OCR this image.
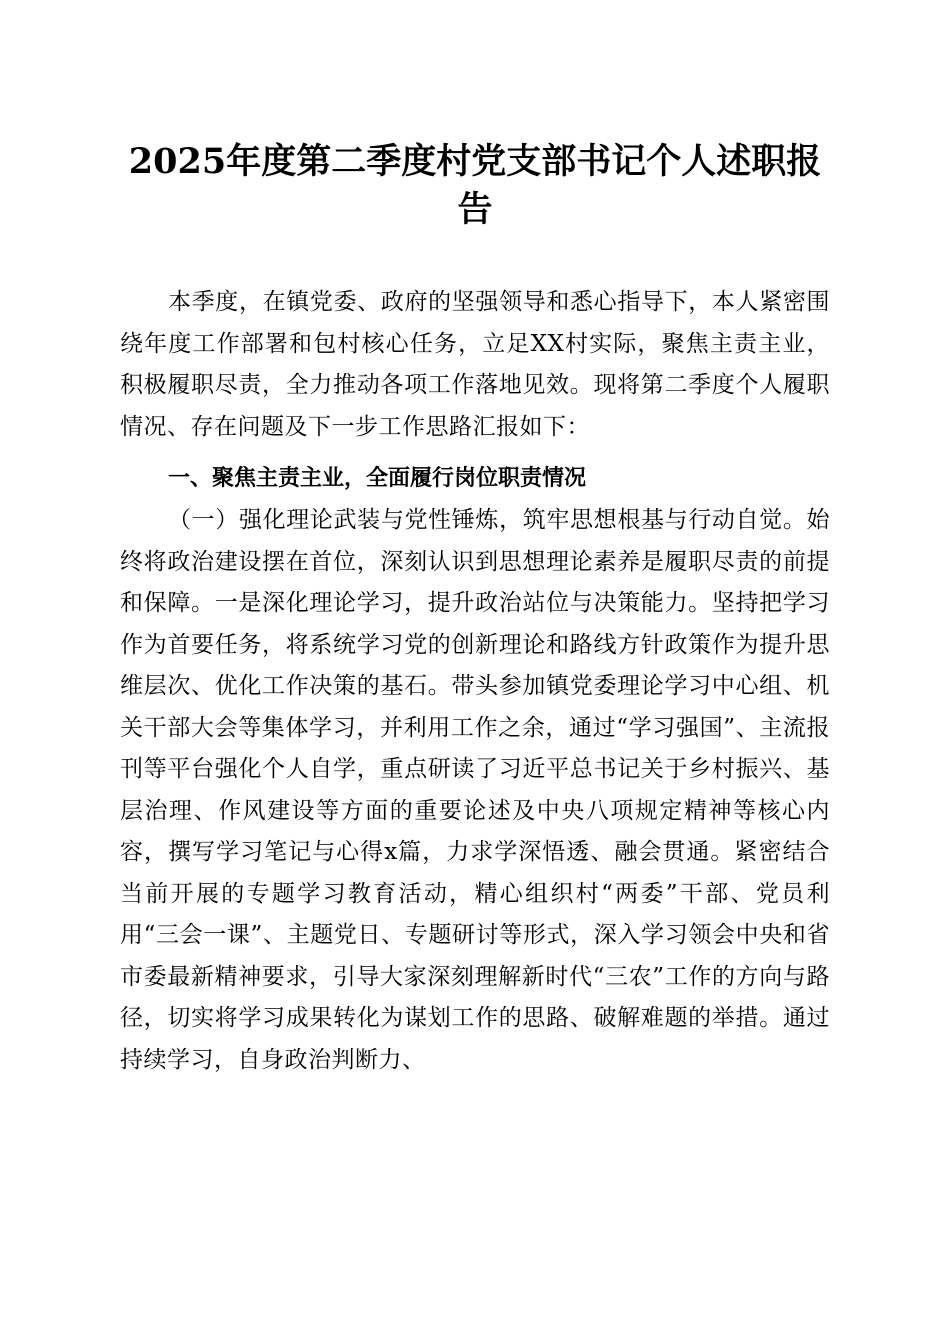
2025年度第二季度村党支部书记个人述职报告

本季度，在镇党委、政府的坚强领导和悉心指导下，本人紧密围绕年度工作部署和包村核心任务，立足XX村实际，聚焦主责主业，积极履职尽责，全力推动各项工作落地见效。现将第二季度个人履职情况、存在问题及下一步工作思路汇报如下：

一、聚焦主责主业，全面履行岗位职责情况

（一）强化理论武装与党性锤炼，筑牢思想根基与行动自觉。始终将政治建设摆在首位，深刻认识到思想理论素养是履职尽责的前提和保障。一是深化理论学习，提升政治站位与决策能力。坚持把学习作为首要任务，将系统学习党的创新理论和路线方针政策作为提升思维层次、优化工作决策的基石。带头参加镇党委理论学习中心组、机关干部大会等集体学习，并利用工作之余，通过“学习强国”、主流报刊等平台强化个人自学，重点研读了习近平总书记关于乡村振兴、基层治理、作风建设等方面的重要论述及中央八项规定精神等核心内容，撰写学习笔记与心得x篇，力求学深悟透、融会贯通。紧密结合当前开展的专题学习教育活动，精心组织村“两委”干部、党员利用“三会一课”、主题党日、专题研讨等形式，深入学习领会中央和省市委最新精神要求，引导大家深刻理解新时代“三农”工作的方向与路径，切实将学习成果转化为谋划工作的思路、破解难题的举措。通过持续学习，自身政治判断力、
